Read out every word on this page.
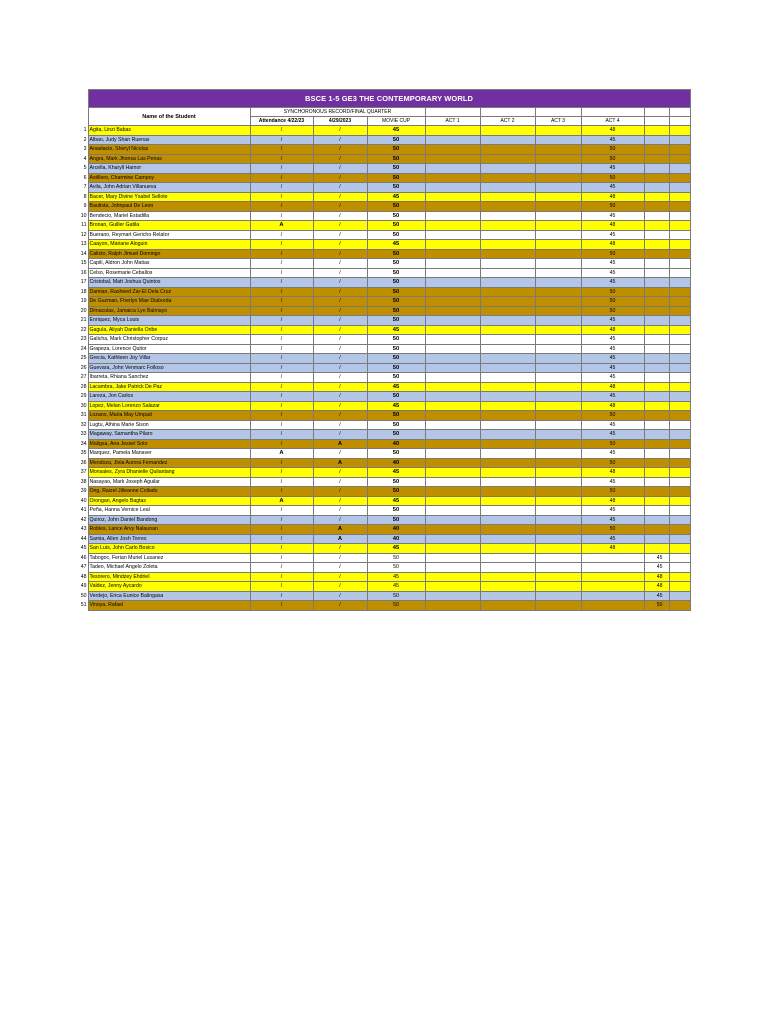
	BSCE 1-5 GE3 THE CONTEMPORARY WORLD									
	Name of the Student	SYNCHORONOUS RECORD/FINAL QUARTER								
		Attendance 4/22/23	4/29/2023	MOVIE CUP	ACT 1	ACT 2	ACT 3	ACT 4		
1	Agita, Linzi Babas	/	/	45				48		
2	Albao, Judy Shan Ruenas	/	/	50				45		
3	Anastacio, Sheryl Nicolas	/	/	50				50		
4	Angra, Mark Jhonsa Las Penas	/	/	50				50		
5	Arcella, Kharyll Hamor	/	/	50				45		
6	Astillero, Charmine Campoy	/	/	50				50		
7	Avila, John Adrian Villanueva	/	/	50				45		
8	Bacer, Mary Divine Ysabel Sellote	/	/	45				48		
9	Bautista, Johnpaul De Leon	/	/	50				50		
10	Bendecio, Mariel Estadilla	/	/	50				45		
11	Bronan, Guiller Gatila	A	/	50				48		
12	Buerano, Reymart Gericho Relator	/	/	50				45		
13	Caayon, Mariane Aloguin	/	/	45				48		
14	Calixto, Ralph Jimuel Domingo	/	/	50				50		
15	Capili, Aldron John Matias	/	/	50				45		
16	Celso, Rosemarie Ceballos	/	/	50				45		
17	Cristobal, Matt Joshua Quintos	/	/	50				45		
18	Damian, Rasheed Zar-El Dela Cruz	/	/	50				50		
19	De Guzman, Fherlyn Mae Diaborda	/	/	50				50		
20	Dimaculas, Jamaica Lyn Balmayo	/	/	50				50		
21	Enriquez, Myca Louis	/	/	50				45		
22	Gagula, Aliyah Daniella Oribe	/	/	45				48		
23	Galicha, Mark Christopher Corpuz	/	/	50				45		
24	Grapeza, Lorence Quitor	/	/	50				45		
25	Grecia, Kathleen Joy Villar	/	/	50				45		
26	Guevara, John Venmarc Folloso	/	/	50				45		
27	Ibarreta, Rhiana Sanchez	/	/	50				45		
28	Lacambra, Jake Patrick De Paz	/	/	45				48		
29	Lareza, Jon Carlos	/	/	50				45		
30	Lopez, Melan Lorenzo Salazar	/	/	45				48		
31	Lozano, Maria May Umpad	/	/	50				50		
32	Lugtu, Athina Marie Sison	/	/	50				45		
33	Magaway, Samantha Pilaro	/	/	50				45		
34	Maligsa, Ana Jessel Soto	/	A	40				50		
35	Marquez, Pamela Manaver	A	/	50				45		
36	Mendoza, Jinia Aurora Fernandez	/	A	40				50		
37	Monsales, Zyra Dhanielle Quilantang	/	/	45				48		
38	Nasayao, Mark Joseph Aguilar	/	/	50				45		
39	Ong, Raizel Jilleanne Collado	/	/	50				50		
40	Orongan, Angelo Bagtas	A	/	45				48		
41	Peña, Hanna Vernice Leal	/	/	50				45		
42	Quiroz, John Daniel Bandong	/	/	50				45		
43	Robles, Lance Arvy Nalaunan	/	A	40				50		
44	Samia, Allen Josh Torres	/	A	40				45		
45	San Luis, John Carlo Bosico	/	/	45				48		
46	Tabogoc, Ferian Muriel Lusanez	/	/	50					45	
47	Tadeo, Michael Angelo Zoleta	/	/	50					45	
48	Tesorero, Mindzey Ehdriel	/	/	45					48	
49	Valdez, Jenny Aycardo	/	/	45					48	
50	Verdejo, Erica Eunice Balingasa	/	/	50					45	
51	Vinoya, Rafael	/	/	50					50	
